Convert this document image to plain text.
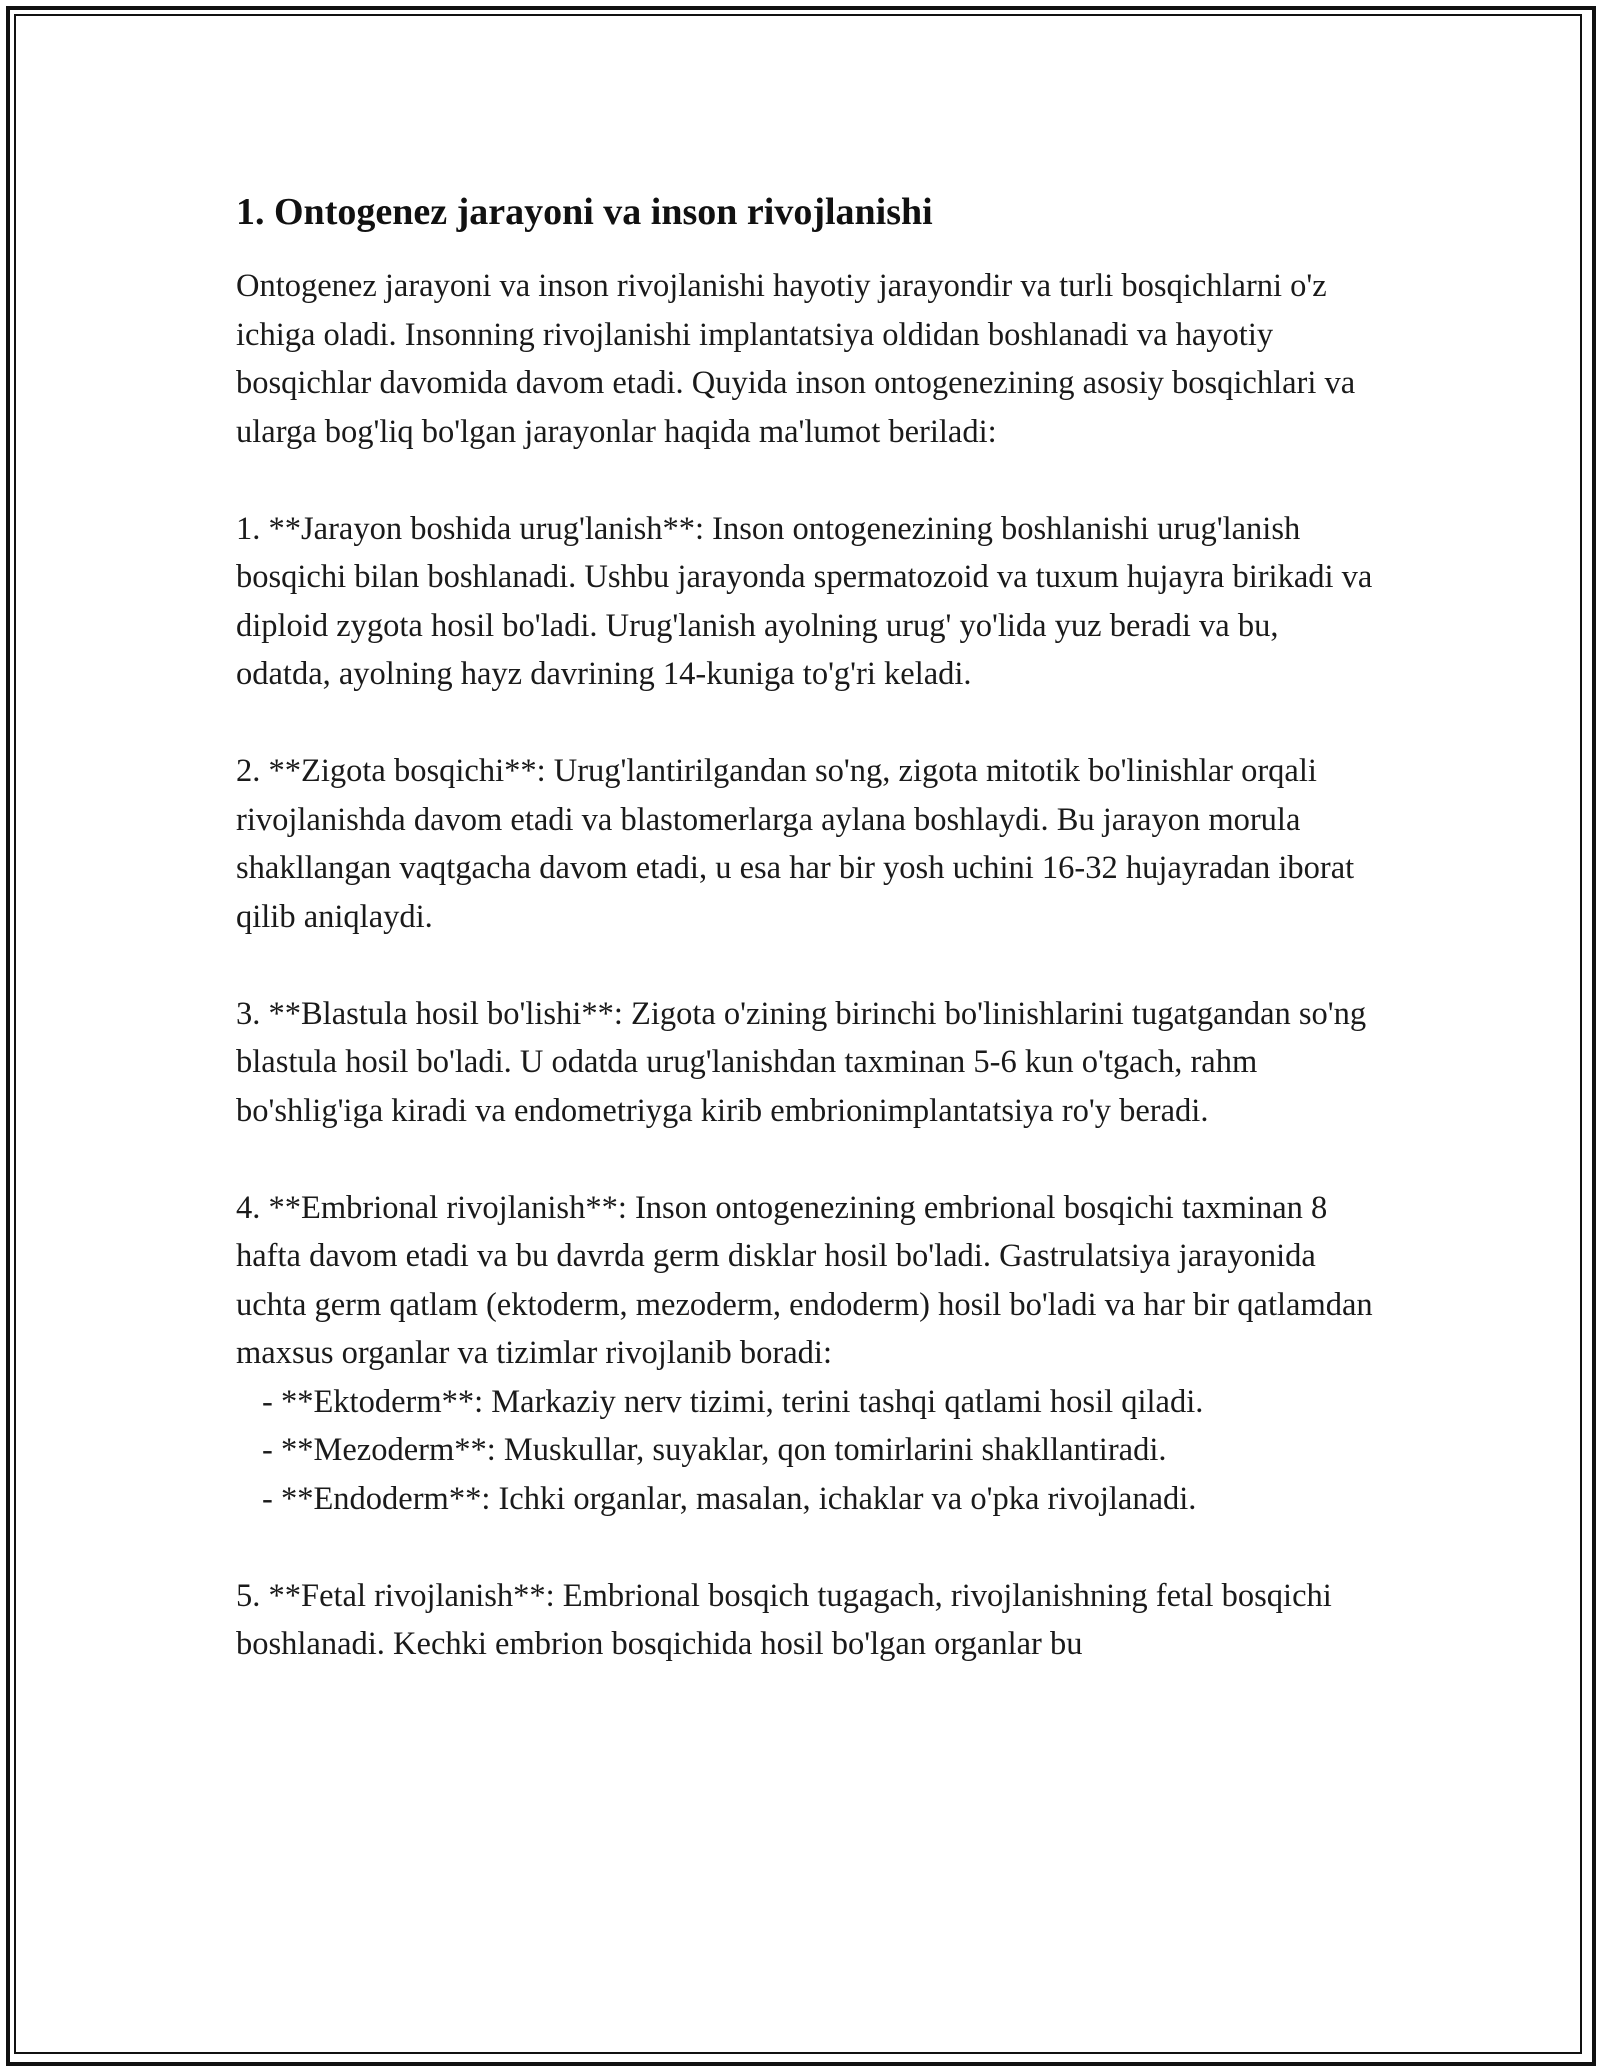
1. Ontogenez jarayoni va inson rivojlanishi

Ontogenez jarayoni va inson rivojlanishi hayotiy jarayondir va turli bosqichlarni o'z ichiga oladi. Insonning rivojlanishi implantatsiya oldidan boshlanadi va hayotiy bosqichlar davomida davom etadi. Quyida inson ontogenezining asosiy bosqichlari va ularga bog'liq bo'lgan jarayonlar haqida ma'lumot beriladi:

1. **Jarayon boshida urug'lanish**: Inson ontogenezining boshlanishi urug'lanish bosqichi bilan boshlanadi. Ushbu jarayonda spermatozoid va tuxum hujayra birikadi va diploid zygota hosil bo'ladi. Urug'lanish ayolning urug' yo'lida yuz beradi va bu, odatda, ayolning hayz davrining 14-kuniga to'g'ri keladi.

2. **Zigota bosqichi**: Urug'lantirilgandan so'ng, zigota mitotik bo'linishlar orqali rivojlanishda davom etadi va blastomerlarga aylana boshlaydi. Bu jarayon morula shakllangan vaqtgacha davom etadi, u esa har bir yosh uchini 16-32 hujayradan iborat qilib aniqlaydi.

3. **Blastula hosil bo'lishi**: Zigota o'zining birinchi bo'linishlarini tugatgandan so'ng blastula hosil bo'ladi. U odatda urug'lanishdan taxminan 5-6 kun o'tgach, rahm bo'shlig'iga kiradi va endometriyga kirib embrionimplantatsiya ro'y beradi.

4. **Embrional rivojlanish**: Inson ontogenezining embrional bosqichi taxminan 8 hafta davom etadi va bu davrda germ disklar hosil bo'ladi. Gastrulatsiya jarayonida uchta germ qatlam (ektoderm, mezoderm, endoderm) hosil bo'ladi va har bir qatlamdan maxsus organlar va tizimlar rivojlanib boradi:

- **Ektoderm**: Markaziy nerv tizimi, terini tashqi qatlami hosil qiladi.
- **Mezoderm**: Muskullar, suyaklar, qon tomirlarini shakllantiradi.
- **Endoderm**: Ichki organlar, masalan, ichaklar va o'pka rivojlanadi.

5. **Fetal rivojlanish**: Embrional bosqich tugagach, rivojlanishning fetal bosqichi boshlanadi. Kechki embrion bosqichida hosil bo'lgan organlar bu
